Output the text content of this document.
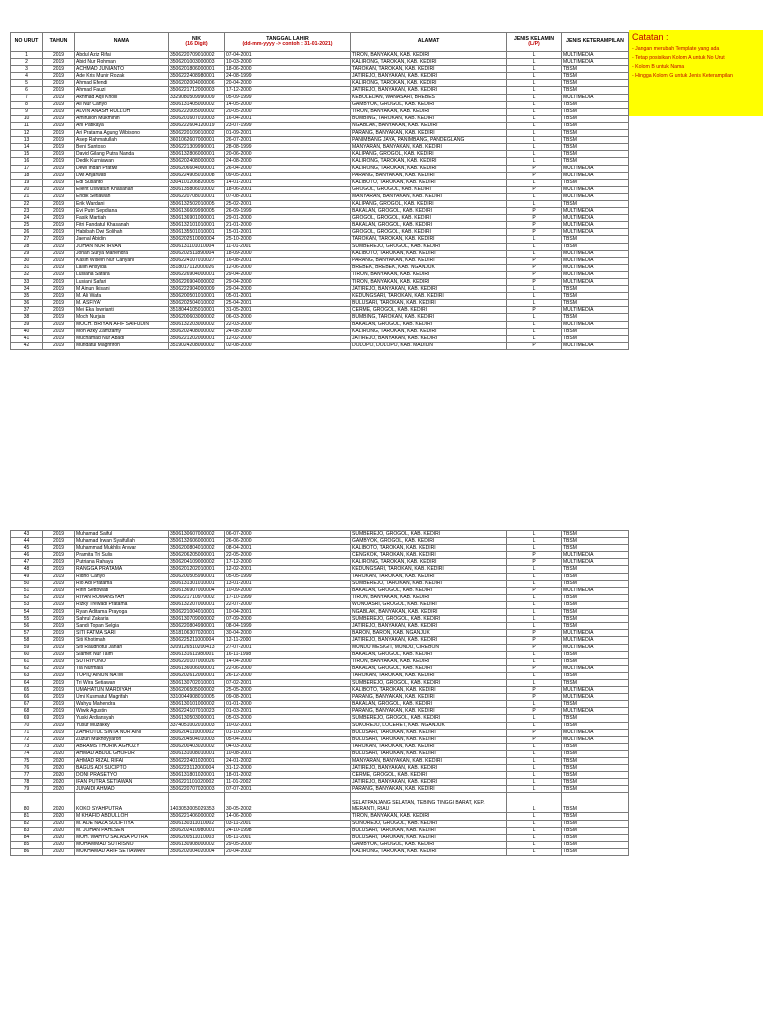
NO URUT	TAHUN	NAMA	NIK
(16 Digit)	TANGGAL LAHIR
(dd-mm-yyyy -> contoh : 31-01-2021)	ALAMAT	JENIS KELAMIN
(L/P)	JENIS KETERAMPILAN
1	2019	Abdul Aziz Rifai	3506220709010002	07-04-2001	TIRON, BANYAKAN, KAB. KEDIRI	L	MULTIMEDIA
2	2019	Abid Nur Rohman	3506201003000003	10-03-2000	KALIRONG, TAROKAN, KAB. KEDIRI	L	MULTIMEDIA
3	2019	ACHMAD JUNIANTO	3506201806000001	18-06-2000	TAROKAN, TAROKAN, KAB. KEDIRI	L	TBSM
4	2019	Ade Kris Munir Rozak	3506222408980001	24-08-1999	JATIREJO, BANYAKAN, KAB. KEDIRI	L	TBSM
5	2019	Ahmad Efendi	3506202004000006	20-04-2000	KALIRONG, TAROKAN, KAB. KEDIRI	L	TBSM
6	2019	Ahmad Fauzi	3506221712000003	17-12-2000	JATIREJO, BANYAKAN, KAB. KEDIRI	L	TBSM
7	2019	Akhmad Aqil Kholil	3329080509990009	05-09-1999	KEBOLEDAN, WANASARI, BREBES	L	MULTIMEDIA
8	2019	Ali Nur Cahyo	3506131405000002	14-05-2000	GAMBYOK, GROGOL, KAB. KEDIRI	L	TBSM
9	2019	ALVIN ANASH RULLOH	3506222005000002	20-05-2000	TIRON, BANYAKAN, KAB. KEDIRI	L	TBSM
10	2019	Amirulloh Mukminin	3506201607010003	16-04-2001	BUMBING, TAROKAN, KAB. KEDIRI	L	TBSM
11	2019	Ani Patikaya	3506222604120019	23-07-1999	NGABLAK, BANYAKAN, KAB. KEDIRI	L	TBSM
12	2019	Ari Pratama Agung Wibisono	3506220109010002	01-09-2001	PARANG, BANYAKAN, KAB. KEDIRI	L	TBSM
13	2019	Asep Rahmatullah	3601062607000001	26-07-2001	PANIMBANG JAYA, PANIMBANG, PANDEGLANG	L	TBSM
14	2019	Beni Santoso	3506221309990001	28-08-1999	MANYARAN, BANYAKAN, KAB. KEDIRI	L	TBSM
15	2019	David Gilang Putra Nanda	3506132806000001	20-06-2000	KALIPANG, GROGOL, KAB. KEDIRI	L	TBSM
16	2019	Dedik Kurniawan	3506202408000003	24-08-2000	KALIRONG, TAROKAN, KAB. KEDIRI	L	TBSM
17	2019	Dewi Indah Pratiwi	3506206604000001	26-04-2000	KALIRONG, TAROKAN, KAB. KEDIRI	P	MULTIMEDIA
18	2019	Dwi Anjarwati	3506224905010008	09-05-2001	PARANG, BANYAKAN, KAB. KEDIRI	P	MULTIMEDIA
19	2019	Edi Susanto	3304101206820005	14-01-2001	KALIBOTO, TAROKAN, KAB. KEDIRI	L	TBSM
20	2019	Ellent Uswatun Khasanah	3506135806010002	18-06-2001	GROGOL, GROGOL, KAB. KEDIRI	P	MULTIMEDIA
21	2019	Endik Setiawan	3506220708010001	07-08-2001	MANYARAN, BANYAKAN, KAB. KEDIRI	L	MULTIMEDIA
22	2019	Erik Wardani	3506132502010005	25-02-2001	KALIPANG, GROGOL, KAB. KEDIRI	L	TBSM
23	2019	Evi Putri Sepdiana	3506136609990005	26-09-1999	BAKALAN, GROGOL, KAB. KEDIRI	P	MULTIMEDIA
24	2019	Fasik Martiah	3506136901000001	29-01-2000	GROGOL, GROGOL, KAB. KEDIRI	P	MULTIMEDIA
25	2019	Fitri Fandatul Khasanah	3506132101010001	21-01-2000	BAKALAN, GROGOL, KAB. KEDIRI	P	MULTIMEDIA
26	2019	Habibah Dwi Solihah	3506135501010001	15-01-2001	GROGOL, GROGOL, KAB. KEDIRI	P	MULTIMEDIA
27	2019	Jaenal Abidin	3506202510000004	25-10-2000	TAROKAN, TAROKAN, KAB. KEDIRI	L	TBSM
28	2019	JOHAN NUR IRVAN	3506131101010004	11-01-2001	SUMBEREJO, GROGOL, KAB. KEDIRI	L	TBSM
29	2019	Johan Surya Mahendra	3506202511890004	18-09-2000	KALIBOTO, TAROKAN, KAB. KEDIRI	L	MULTIMEDIA
30	2019	Kasih Wisein Nur Cahyani	3506224107010027	16-08-2001	PARANG, BANYAKAN, KAB. KEDIRI	P	MULTIMEDIA
31	2019	Lailin Ansyida	3518017112000026	12-06-2000	BREBEK, BREBEK, KAB. NGANJUK	P	MULTIMEDIA
32	2019	Lusiana Safara	3506226904000001	29-04-2000	TIRON, BANYAKAN, KAB. KEDIRI	P	MULTIMEDIA
33	2019	Lusiani Safari	3506226904000002	29-04-2000	TIRON, BANYAKAN, KAB. KEDIRI	P	MULTIMEDIA
34	2019	M Ainun Ikisani	3506222904000009	29-04-2000	JATIREJO, BANYAKAN, KAB. KEDIRI	L	TBSM
35	2019	M. Ali Wafa	3506200501010001	05-01-2001	KEDUNGSARI, TAROKAN, KAB. KEDIRI	L	TBSM
36	2019	M. ASFIYA'	3506202504010002	25-04-2001	BULUSARI, TAROKAN, KAB. KEDIRI	L	TBSM
37	2019	Mei Eka Iswrianti	3518044105010001	31-05-2001	CERME, GROGOL, KAB. KEDIRI	P	MULTIMEDIA
38	2019	Moch Nurjais	3506200603000002	06-03-2000	BUMBING, TAROKAN, KAB. KEDIRI	L	TBSM
39	2019	MOCH. BRIYAN AFIF SAIFUDIN	3506132203000002	22-03-2000	BAKALAN, GROGOL, KAB. KEDIRI	L	MULTIMEDIA
40	2019	Moh Azky Zamzamy	3506202408000002	24-08-2000	KALIRONG, TAROKAN, KAB. KEDIRI	L	TBSM
41	2019	Muchamad Nur Abadi	3506221202000001	12-02-2000	JATIREJO, BANYAKAN, KAB. KEDIRI	L	TBSM
42	2019	Mufidatul Maghfiroh	3519024208000002	02-08-2000	DOLOPO, DOLOPO, KAB. MADIUN	P	MULTIMEDIA
Catatan :

- Jangan merubah Template yang ada

- Tetap posisikan Kolom A untuk No Urut

- Kolom B untuk Nama

- Hingga Kolom G untuk Jenis Keterampilan

43	2019	Muhamad Saiful	3506130607000002	06-07-2000	SUMBEREJO, GROGOL, KAB. KEDIRI	L	TBSM
44	2019	Muhamad Irwan Syaifullah	3506132606000001	26-06-2000	GAMBYOK, GROGOL, KAB. KEDIRI	L	TBSM
45	2019	Muhammad Mukhlis Anwar	3506200804010002	08-04-2001	KALIBOTO, TAROKAN, KAB. KEDIRI	L	TBSM
46	2019	Pramita Tri Sulis	3506206205000001	22-05-2000	CENGKOK, TAROKAN, KAB. KEDIRI	P	MULTIMEDIA
47	2019	Putriana Rahayu	3506204109000002	17-12-2000	KALIRONG, TAROKAN, KAB. KEDIRI	P	MULTIMEDIA
48	2019	RANGGA PRATAMA	3506201202010001	12-02-2001	KEDUNGSARI, TAROKAN, KAB. KEDIRI	L	TBSM
49	2019	Ridho Cahyo	3506200505990001	05-05-1999	TAROKAN, TAROKAN, KAB. KEDIRI	L	TBSM
50	2019	Rio Adi Pratama	3506131301010001	13-01-2001	SUMBEREJO, TAROKAN, KAB. KEDIRI	L	TBSM
51	2019	Ririn Settowati	3506136907000004	10-09-2000	BAKALAN, GROGOL, KAB. KEDIRI	P	MULTIMEDIA
52	2019	RIYAN ROMANSYAH	3506221710970002	17-10-1999	TIRON, BANYAKAN, KAB. KEDIRI	L	TBSM
53	2019	Rizky Trewadi Pratama	3506132207000001	22-07-2000	WONOASRI, GROGOL, KAB. KEDIRI	L	TBSM
54	2019	Ryan Aditama Prayoga	3506221004010001	10-04-2001	NGABLAK, BANYAKAN, KAB. KEDIRI	L	TBSM
55	2019	Sahrul Zakaria	3506130709000002	07-09-2000	SUMBEREJO, GROGOL, KAB. KEDIRI	L	TBSM
56	2019	Sandi Topan Selgia	3506220804990001	08-04-1999	JATIREJO, BANYAKAN, KAB. KEDIRI	L	TBSM
57	2019	SITI FATMA SARI	3518106307020001	30-04-2000	BARON, BARON, KAB. NGANJUK	P	MULTIMEDIA
58	2019	Siti Khotimah	3506225211000004	12-11-2000	JATIREJO, BANYAKAN, KAB. KEDIRI	P	MULTIMEDIA
59	2019	Siti Raudhotul Janah	3209126510200413	27-07-2001	MUNDU MESIGIT, MUNDU, CIREBON	P	MULTIMEDIA
60	2019	Slamet Nur Taim	3506131611980001	16-11-1998	BAKALAN, GROGOL, KAB. KEDIRI	L	TBSM
61	2019	SUTRIYONO	3506220107000026	14-04-2000	TIRON, BANYAKAN, KAB. KEDIRI	L	TBSM
62	2019	Tia Nurmala	3506136006000001	22-06-2000	BAKALAN, GROGOL, KAB. KEDIRI	P	MULTIMEDIA
63	2019	TOPIQ AINUN NA'IM	3506202612000001	26-12-2000	TAROKAN, TAROKAN, KAB. KEDIRI	L	TBSM
64	2019	Tri Wira Setiawan	3506130702010001	07-02-2001	SUMBEREJO, GROGOL, KAB. KEDIRI	L	TBSM
65	2019	UMAHATUN MARDIYAH	3506206505000002	25-05-2000	KALIBOTO, TAROKAN, KAB. KEDIRI	P	MULTIMEDIA
66	2019	Umi Kusmatul Magrifah	3310044908010005	09-08-2001	PARANG, BANYAKAN, KAB. KEDIRI	P	MULTIMEDIA
67	2019	Wahyu Mahendra	3506130101000002	01-01-2000	BAKALAN, GROGOL, KAB. KEDIRI	L	TBSM
68	2019	Wiwik Agustin	3506224107010023	01-03-2001	PARANG, BANYAKAN, KAB. KEDIRI	P	MULTIMEDIA
69	2019	Yuski Ardiansyah	3506130503000001	05-03-2000	SUMBEREJO, GROGOL, KAB. KEDIRI	L	TBSM
70	2019	Yusuf Muzakky	3374051002010003	10-02-2001	SUKOREJO, LOCERET, KAB. NGANJUK	L	TBSM
71	2019	ZAHROTUL SINTA NUR AINI	3506204110000002	01-10-2000	BULUSARI, TAROKAN, KAB. KEDIRI	P	MULTIMEDIA
72	2019	Zuzun Mukhoyyaroh	3506204504010003	05-04-2001	BULUSARI, TAROKAN, KAB. KEDIRI	P	MULTIMEDIA
73	2020	ABRAMS THORIK AGHOZY	3506200403020002	04-03-2002	TAROKAN, TAROKAN, KAB. KEDIRI	L	TBSM
74	2020	AHMAD ABDUL GHOFUR	3506131008010001	10-08-2001	BULUSARI, TAROKAN, KAB. KEDIRI	L	TBSM
75	2020	AHMAD RIZAL RIFAI	3506222401020001	24-01-2002	MANYARAN, BANYAKAN, KAB. KEDIRI	L	TBSM
76	2020	BAGUS ADI SUCIPTO	3506223112000004	31-12-2000	JATIREJO, BANYAKAN, KAB. KEDIRI	L	TBSM
77	2020	DONI PRASETYO	3506131801020001	18-01-2002	CERME, GROGOL, KAB. KEDIRI	L	TBSM
78	2020	IFAN PUTRA SETIAWAN	3506221101020002	11-01-2002	JATIREJO, BANYAKAN, KAB. KEDIRI	L	TBSM
79	2020	JUNAIDI AHMAD	3506220707020003	07-07-2001	PARANG, BANYAKAN, KAB. KEDIRI	L	TBSM
80	2020	KOKO SYAHPUTRA	1403053005029353	30-05-2002	SELATPANJANG SELATAN, TEBING TINGGI BARAT, KEP. MERANTI, RIAU	L	TBSM
81	2020	M KHAFID ABDULLOH	3506221406000002	14-06-2000	TIRON, BANYAKAN, KAB. KEDIRI	L	TBSM
82	2020	M. ADE NAZA SULIFTIYA	3506130311010002	03-11-2001	SONOREJO, GROGOL, KAB. KEDIRI	L	TBSM
83	2020	M. JOHAN PAHLSEN	3506202410980001	24-10-1998	BULUSARI, TAROKAN, KAB. KEDIRI	L	TBSM
84	2020	MOH. WAHYU SALASA PUTRA	3506200511010003	05-11-2001	BULUSARI, TAROKAN, KAB. KEDIRI	L	TBSM
85	2020	MOHAMMAD SUTRISNO	3506130908000002	29-05-2000	GAMBYOK, GROGOL, KAB. KEDIRI	L	TBSM
86	2020	MUKHAMAD ARIF SETIAWAN	3506202004020004	20-04-2002	KALIRONG, TAROKAN, KAB. KEDIRI	L	TBSM
